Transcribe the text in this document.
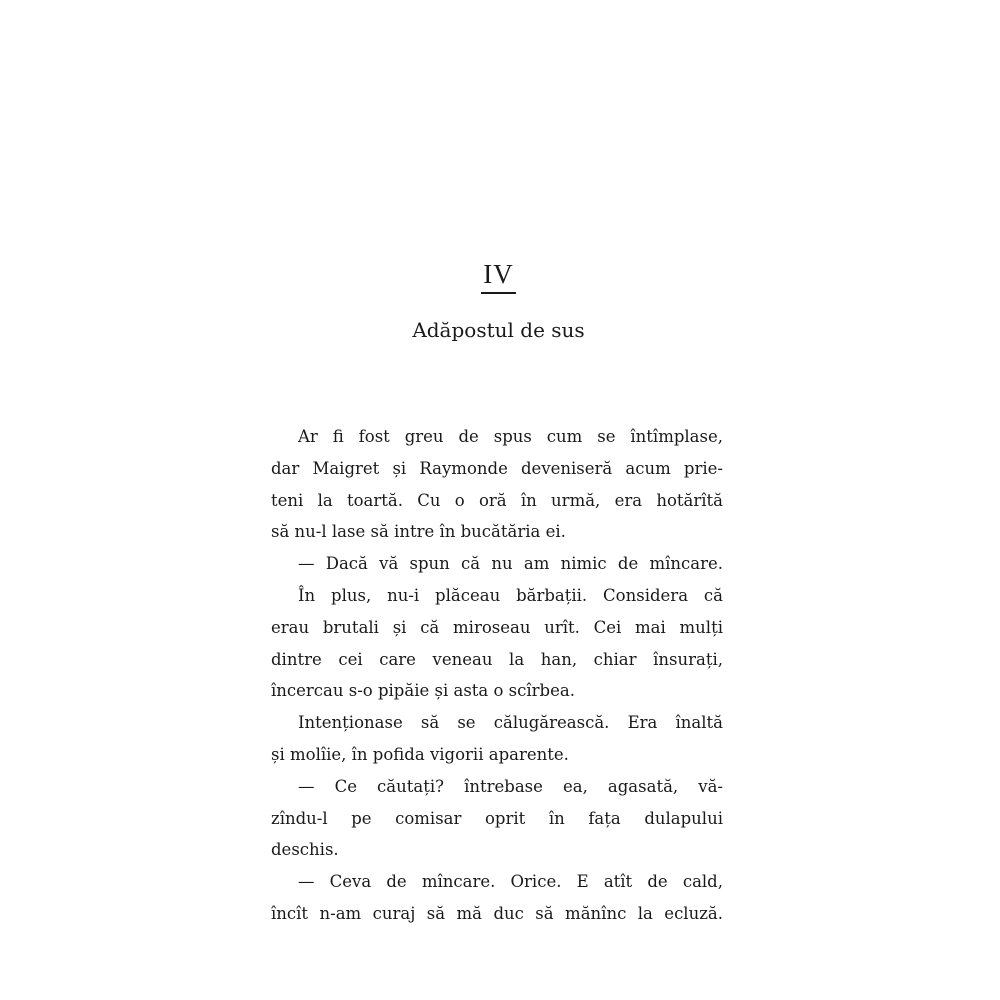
IV
Adăpostul de sus
Ar fi fost greu de spus cum se întîmplase,
dar Maigret și Raymonde deveniseră acum prie-
teni la toartă. Cu o oră în urmă, era hotărîtă
să nu-l lase să intre în bucătăria ei.
— Dacă vă spun că nu am nimic de mîncare.
În plus, nu-i plăceau bărbații. Considera că
erau brutali și că miroseau urît. Cei mai mulți
dintre cei care veneau la han, chiar însurați,
încercau s-o pipăie și asta o scîrbea.
Intenționase să se călugărească. Era înaltă
și molîie, în pofida vigorii aparente.
— Ce căutați? întrebase ea, agasată, vă-
zîndu-l pe comisar oprit în fața dulapului
deschis.
— Ceva de mîncare. Orice. E atît de cald,
încît n-am curaj să mă duc să mănînc la ecluză.
